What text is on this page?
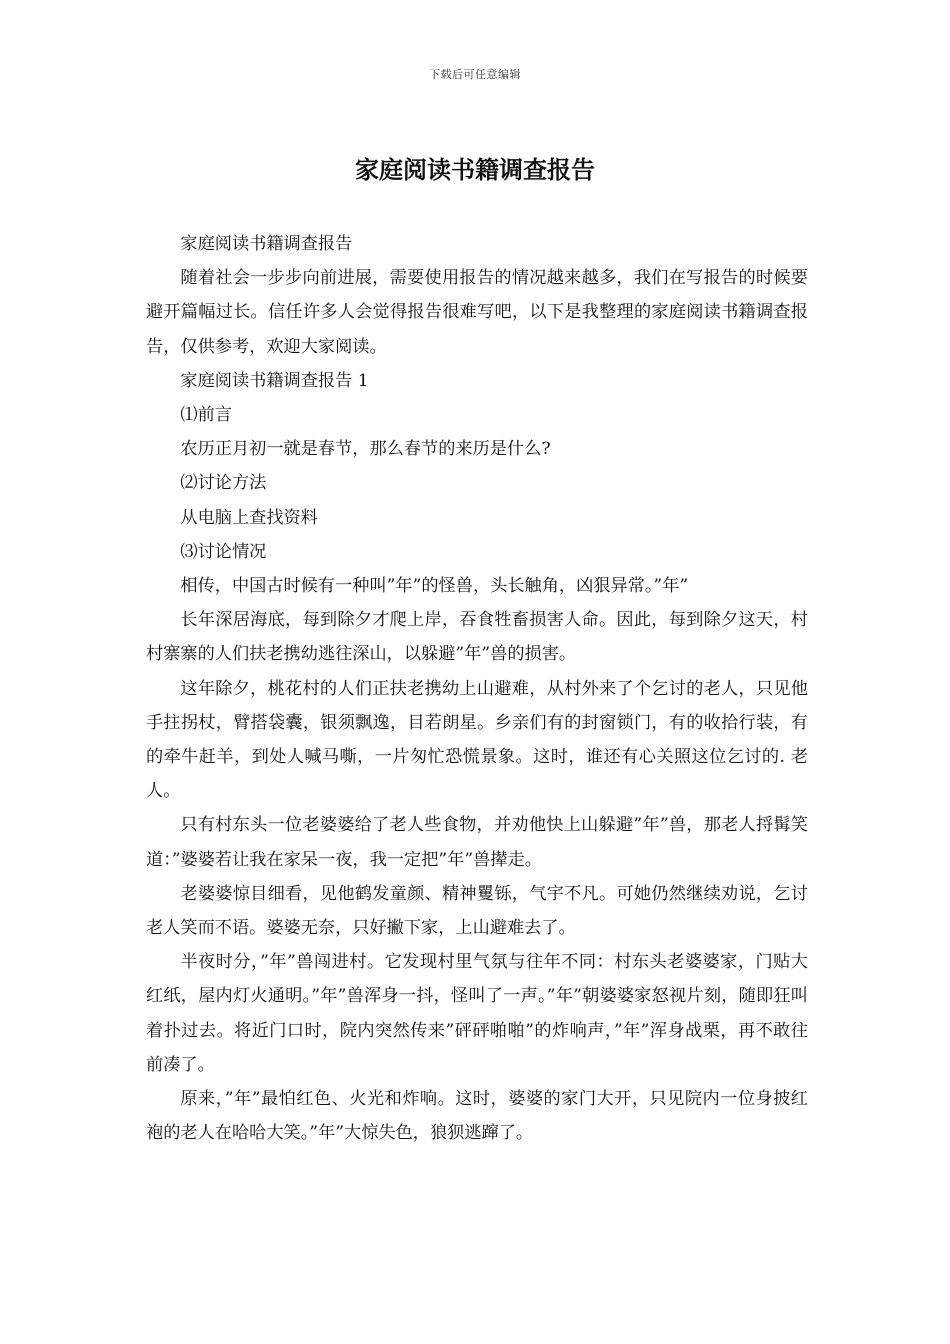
下载后可任意编辑
家庭阅读书籍调查报告

家庭阅读书籍调查报告

随着社会一步步向前进展，需要使用报告的情况越来越多，我们在写报告的时候要避开篇幅过长。信任许多人会觉得报告很难写吧，以下是我整理的家庭阅读书籍调查报告，仅供参考，欢迎大家阅读。

家庭阅读书籍调查报告 1

⑴前言

农历正月初一就是春节，那么春节的来历是什么?

⑵讨论方法

从电脑上查找资料

⑶讨论情况

相传，中国古时候有一种叫”年”的怪兽，头长触角，凶狠异常。”年”

长年深居海底，每到除夕才爬上岸，吞食牲畜损害人命。因此，每到除夕这天，村村寨寨的人们扶老携幼逃往深山，以躲避”年”兽的损害。

这年除夕，桃花村的人们正扶老携幼上山避难，从村外来了个乞讨的老人，只见他手拄拐杖，臂搭袋囊，银须飘逸，目若朗星。乡亲们有的封窗锁门，有的收拾行装，有的牵牛赶羊，到处人喊马嘶，一片匆忙恐慌景象。这时，谁还有心关照这位乞讨的. 老人。

只有村东头一位老婆婆给了老人些食物，并劝他快上山躲避”年”兽，那老人捋髯笑道：”婆婆若让我在家呆一夜，我一定把”年”兽撵走。

老婆婆惊目细看，见他鹤发童颜、精神矍铄，气宇不凡。可她仍然继续劝说，乞讨老人笑而不语。婆婆无奈，只好撇下家，上山避难去了。

半夜时分，”年”兽闯进村。它发现村里气氛与往年不同：村东头老婆婆家，门贴大红纸，屋内灯火通明。”年”兽浑身一抖，怪叫了一声。”年”朝婆婆家怒视片刻，随即狂叫着扑过去。将近门口时，院内突然传来”砰砰啪啪”的炸响声，”年”浑身战栗，再不敢往前凑了。

原来，”年”最怕红色、火光和炸响。这时，婆婆的家门大开，只见院内一位身披红袍的老人在哈哈大笑。”年”大惊失色，狼狈逃蹿了。
